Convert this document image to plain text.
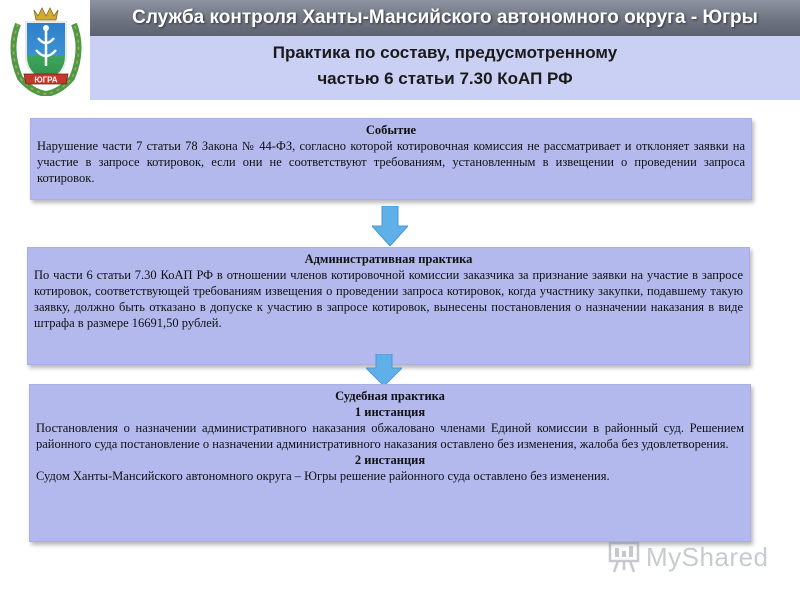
ЮГРА
Служба контроля Ханты-Мансийского автономного округа - Югры
Практика по составу, предусмотренному
частью 6 статьи 7.30 КоАП РФ
Событие
Нарушение части 7 статьи 78 Закона № 44-ФЗ, согласно которой котировочная комиссия не рассматривает и отклоняет заявки на участие в запросе котировок, если они не соответствуют требованиям, установленным в извещении о проведении запроса котировок.
Административная практика
По части 6 статьи 7.30 КоАП РФ в отношении членов котировочной комиссии заказчика за признание заявки на участие в запросе котировок, соответствующей требованиям извещения о проведении запроса котировок, когда участнику закупки, подавшему такую заявку, должно быть отказано в допуске к участию в запросе котировок, вынесены постановления о назначении наказания в виде штрафа в размере 16691,50 рублей.
Судебная практика
1 инстанция
Постановления о назначении административного наказания обжаловано членами Единой комиссии в районный суд. Решением районного суда постановление о назначении административного наказания оставлено без изменения, жалоба без удовлетворения.
2 инстанция
Судом Ханты-Мансийского автономного округа – Югры решение районного суда оставлено без изменения.
MyShared
